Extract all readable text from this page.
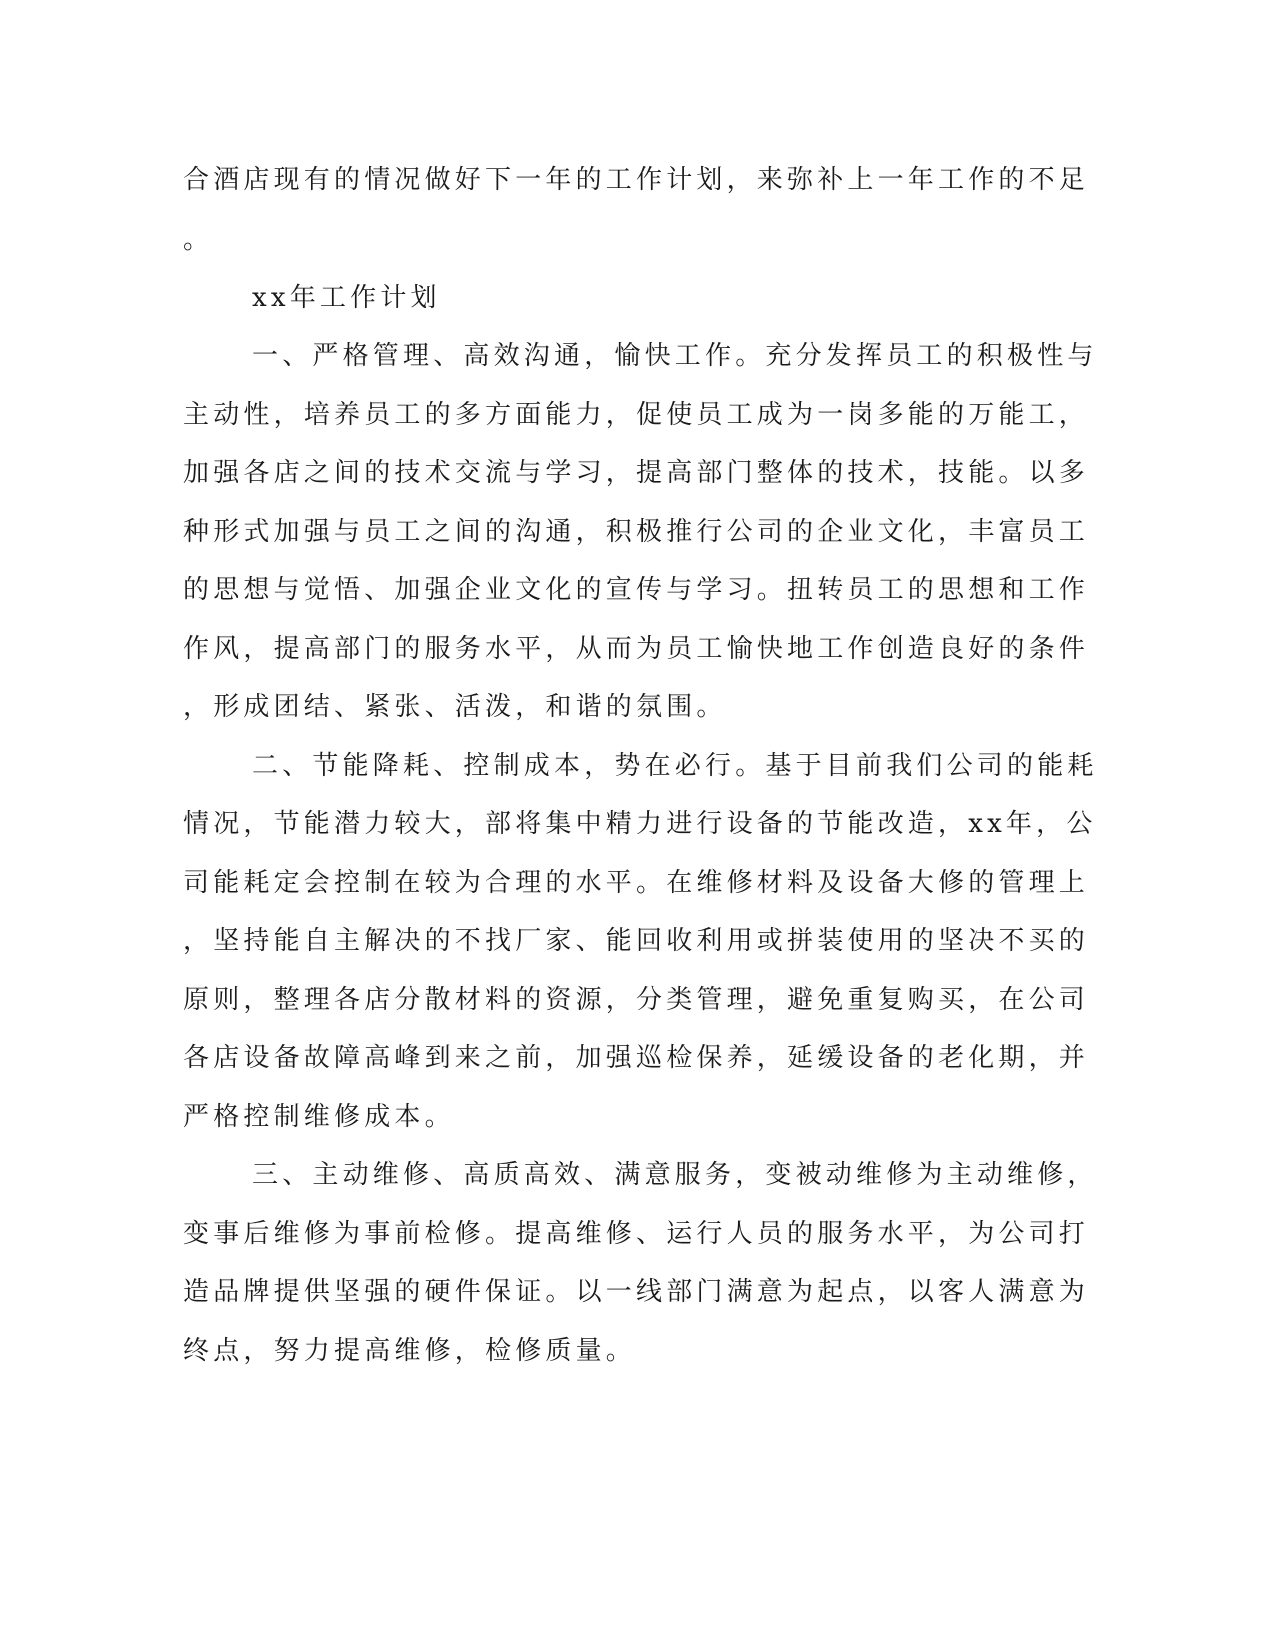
合酒店现有的情况做好下一年的工作计划，来弥补上一年工作的不足
。
xx年工作计划
一、严格管理、高效沟通，愉快工作。充分发挥员工的积极性与
主动性，培养员工的多方面能力，促使员工成为一岗多能的万能工，
加强各店之间的技术交流与学习，提高部门整体的技术，技能。以多
种形式加强与员工之间的沟通，积极推行公司的企业文化，丰富员工
的思想与觉悟、加强企业文化的宣传与学习。扭转员工的思想和工作
作风，提高部门的服务水平，从而为员工愉快地工作创造良好的条件
，形成团结、紧张、活泼，和谐的氛围。
二、节能降耗、控制成本，势在必行。基于目前我们公司的能耗
情况，节能潜力较大，部将集中精力进行设备的节能改造，xx年，公
司能耗定会控制在较为合理的水平。在维修材料及设备大修的管理上
，坚持能自主解决的不找厂家、能回收利用或拼装使用的坚决不买的
原则，整理各店分散材料的资源，分类管理，避免重复购买，在公司
各店设备故障高峰到来之前，加强巡检保养，延缓设备的老化期，并
严格控制维修成本。
三、主动维修、高质高效、满意服务，变被动维修为主动维修，
变事后维修为事前检修。提高维修、运行人员的服务水平，为公司打
造品牌提供坚强的硬件保证。以一线部门满意为起点，以客人满意为
终点，努力提高维修，检修质量。
